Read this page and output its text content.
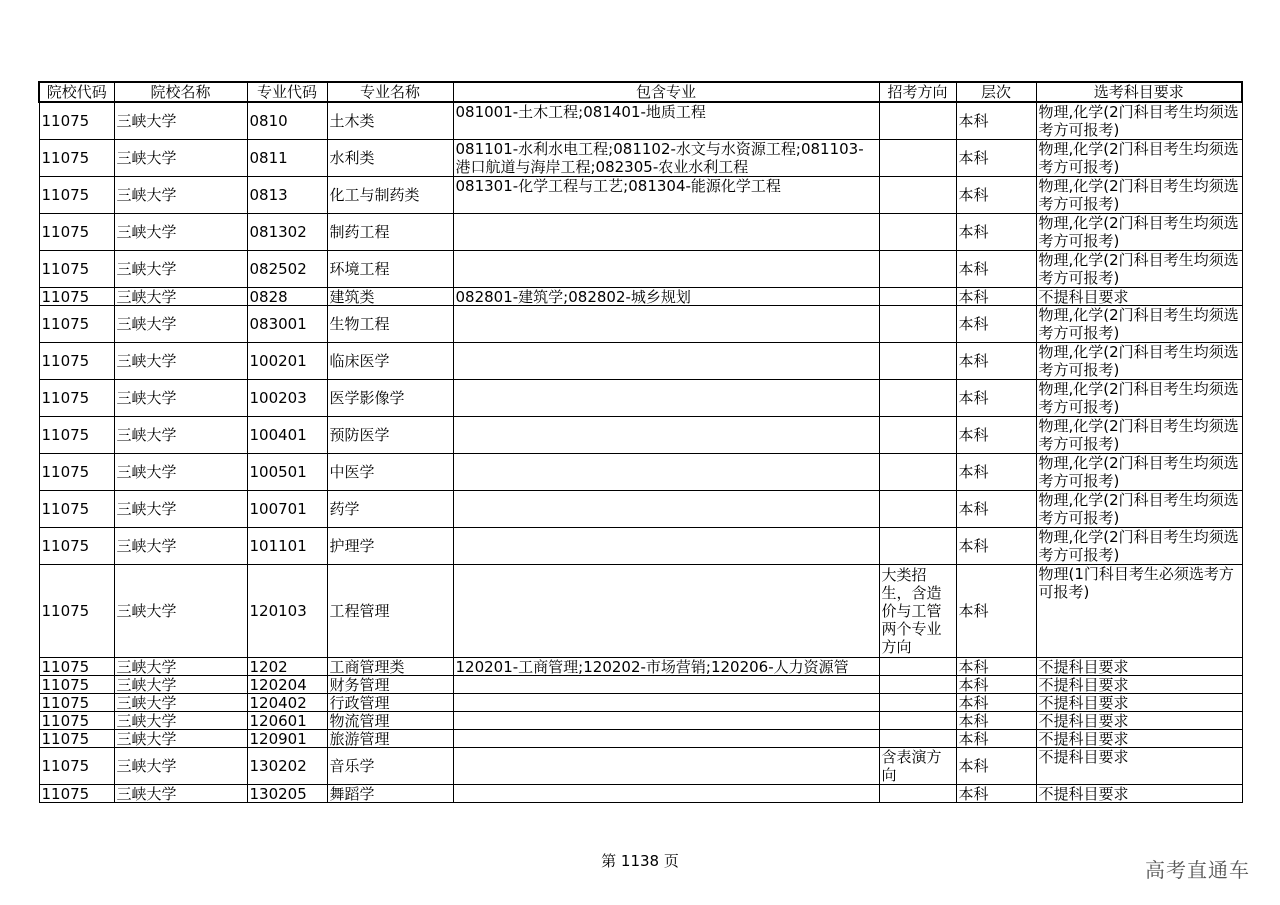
院校代码	院校名称	专业代码	专业名称	包含专业	招考方向	层次	选考科目要求
11075	三峡大学	0810	土木类	081001-土木工程;081401-地质工程		本科	物理,化学(2门科目考生均须选考方可报考)
11075	三峡大学	0811	水利类	081101-水利水电工程;081102-水文与水资源工程;081103-港口航道与海岸工程;082305-农业水利工程		本科	物理,化学(2门科目考生均须选考方可报考)
11075	三峡大学	0813	化工与制药类	081301-化学工程与工艺;081304-能源化学工程		本科	物理,化学(2门科目考生均须选考方可报考)
11075	三峡大学	081302	制药工程			本科	物理,化学(2门科目考生均须选考方可报考)
11075	三峡大学	082502	环境工程			本科	物理,化学(2门科目考生均须选考方可报考)
11075	三峡大学	0828	建筑类	082801-建筑学;082802-城乡规划		本科	不提科目要求
11075	三峡大学	083001	生物工程			本科	物理,化学(2门科目考生均须选考方可报考)
11075	三峡大学	100201	临床医学			本科	物理,化学(2门科目考生均须选考方可报考)
11075	三峡大学	100203	医学影像学			本科	物理,化学(2门科目考生均须选考方可报考)
11075	三峡大学	100401	预防医学			本科	物理,化学(2门科目考生均须选考方可报考)
11075	三峡大学	100501	中医学			本科	物理,化学(2门科目考生均须选考方可报考)
11075	三峡大学	100701	药学			本科	物理,化学(2门科目考生均须选考方可报考)
11075	三峡大学	101101	护理学			本科	物理,化学(2门科目考生均须选考方可报考)
11075	三峡大学	120103	工程管理		大类招生，含造价与工管两个专业方向	本科	物理(1门科目考生必须选考方可报考)
11075	三峡大学	1202	工商管理类	120201-工商管理;120202-市场营销;120206-人力资源管		本科	不提科目要求
11075	三峡大学	120204	财务管理			本科	不提科目要求
11075	三峡大学	120402	行政管理			本科	不提科目要求
11075	三峡大学	120601	物流管理			本科	不提科目要求
11075	三峡大学	120901	旅游管理			本科	不提科目要求
11075	三峡大学	130202	音乐学		含表演方向	本科	不提科目要求
11075	三峡大学	130205	舞蹈学			本科	不提科目要求
第 1138 页	高考直通车
